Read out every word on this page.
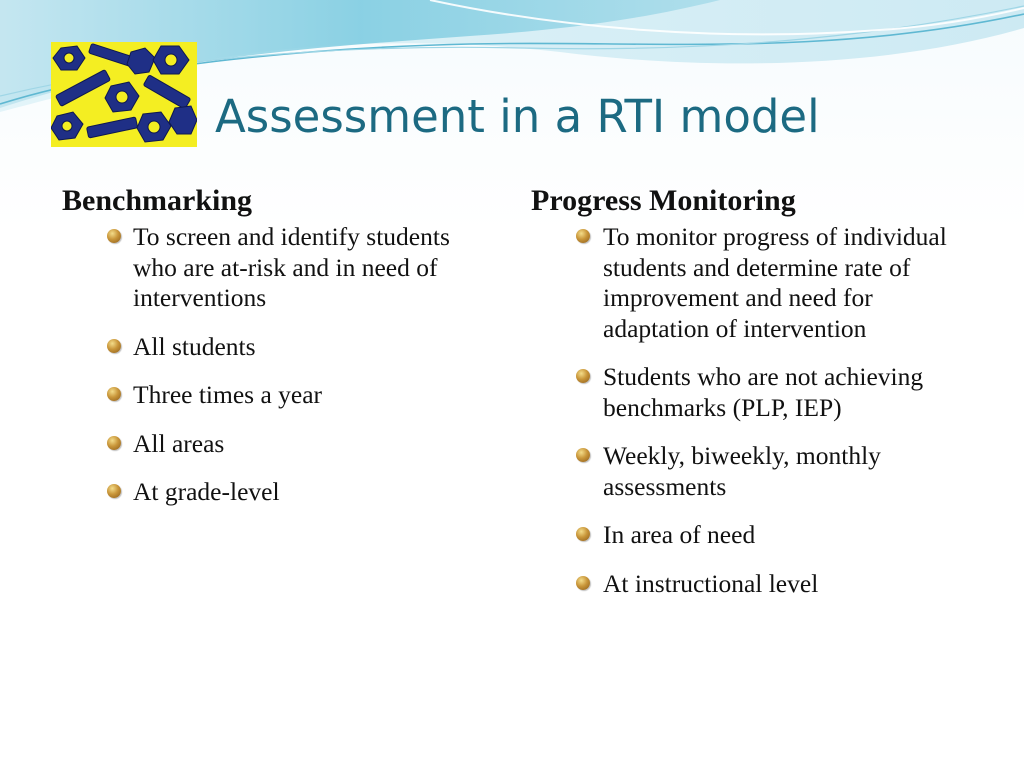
Assessment in a RTI model
Benchmarking
To screen and identify students who are at-risk and in need of interventions
All students
Three times a year
All areas
At grade-level
Progress Monitoring
To monitor progress of individual students and determine rate of improvement and need for adaptation of intervention
Students who are not achieving benchmarks (PLP, IEP)
Weekly, biweekly, monthly assessments
In area of need
At instructional level
